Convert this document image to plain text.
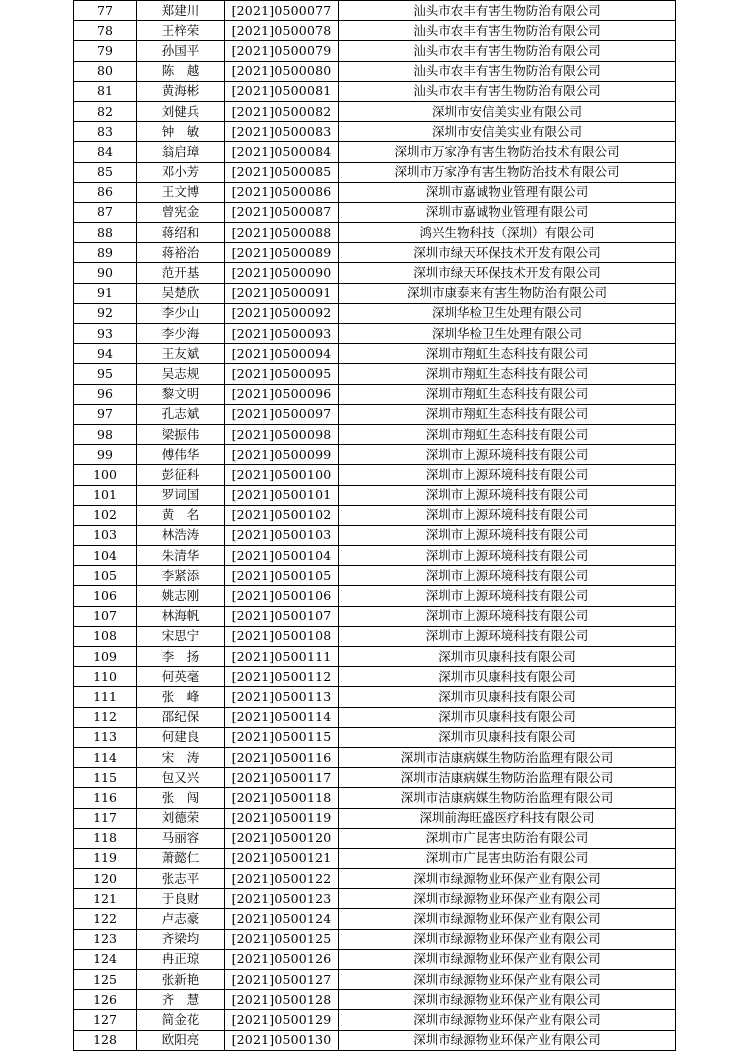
77	郑建川	[2021]0500077	汕头市农丰有害生物防治有限公司
78	王梓荣	[2021]0500078	汕头市农丰有害生物防治有限公司
79	孙国平	[2021]0500079	汕头市农丰有害生物防治有限公司
80	陈　越	[2021]0500080	汕头市农丰有害生物防治有限公司
81	黄海彬	[2021]0500081	汕头市农丰有害生物防治有限公司
82	刘健兵	[2021]0500082	深圳市安信美实业有限公司
83	钟　敏	[2021]0500083	深圳市安信美实业有限公司
84	翁启璋	[2021]0500084	深圳市万家净有害生物防治技术有限公司
85	邓小芳	[2021]0500085	深圳市万家净有害生物防治技术有限公司
86	王文博	[2021]0500086	深圳市嘉诚物业管理有限公司
87	曾宪金	[2021]0500087	深圳市嘉诚物业管理有限公司
88	蒋绍和	[2021]0500088	鸿兴生物科技（深圳）有限公司
89	蒋裕治	[2021]0500089	深圳市绿天环保技术开发有限公司
90	范开基	[2021]0500090	深圳市绿天环保技术开发有限公司
91	吴楚欣	[2021]0500091	深圳市康泰来有害生物防治有限公司
92	李少山	[2021]0500092	深圳华检卫生处理有限公司
93	李少海	[2021]0500093	深圳华检卫生处理有限公司
94	王友斌	[2021]0500094	深圳市翔虹生态科技有限公司
95	吴志规	[2021]0500095	深圳市翔虹生态科技有限公司
96	黎文明	[2021]0500096	深圳市翔虹生态科技有限公司
97	孔志斌	[2021]0500097	深圳市翔虹生态科技有限公司
98	梁振伟	[2021]0500098	深圳市翔虹生态科技有限公司
99	傅伟华	[2021]0500099	深圳市上源环境科技有限公司
100	彭征科	[2021]0500100	深圳市上源环境科技有限公司
101	罗词国	[2021]0500101	深圳市上源环境科技有限公司
102	黄　名	[2021]0500102	深圳市上源环境科技有限公司
103	林浩涛	[2021]0500103	深圳市上源环境科技有限公司
104	朱清华	[2021]0500104	深圳市上源环境科技有限公司
105	李紧添	[2021]0500105	深圳市上源环境科技有限公司
106	姚志刚	[2021]0500106	深圳市上源环境科技有限公司
107	林海帆	[2021]0500107	深圳市上源环境科技有限公司
108	宋思宁	[2021]0500108	深圳市上源环境科技有限公司
109	李　扬	[2021]0500111	深圳市贝康科技有限公司
110	何英毫	[2021]0500112	深圳市贝康科技有限公司
111	张　峰	[2021]0500113	深圳市贝康科技有限公司
112	邵纪保	[2021]0500114	深圳市贝康科技有限公司
113	何建良	[2021]0500115	深圳市贝康科技有限公司
114	宋　涛	[2021]0500116	深圳市洁康病媒生物防治监理有限公司
115	包又兴	[2021]0500117	深圳市洁康病媒生物防治监理有限公司
116	张　闯	[2021]0500118	深圳市洁康病媒生物防治监理有限公司
117	刘德荣	[2021]0500119	深圳前海旺盛医疗科技有限公司
118	马丽容	[2021]0500120	深圳市广昆害虫防治有限公司
119	萧懿仁	[2021]0500121	深圳市广昆害虫防治有限公司
120	张志平	[2021]0500122	深圳市绿源物业环保产业有限公司
121	于良财	[2021]0500123	深圳市绿源物业环保产业有限公司
122	卢志豪	[2021]0500124	深圳市绿源物业环保产业有限公司
123	齐梁均	[2021]0500125	深圳市绿源物业环保产业有限公司
124	冉正琼	[2021]0500126	深圳市绿源物业环保产业有限公司
125	张新艳	[2021]0500127	深圳市绿源物业环保产业有限公司
126	齐　慧	[2021]0500128	深圳市绿源物业环保产业有限公司
127	简金花	[2021]0500129	深圳市绿源物业环保产业有限公司
128	欧阳亮	[2021]0500130	深圳市绿源物业环保产业有限公司
